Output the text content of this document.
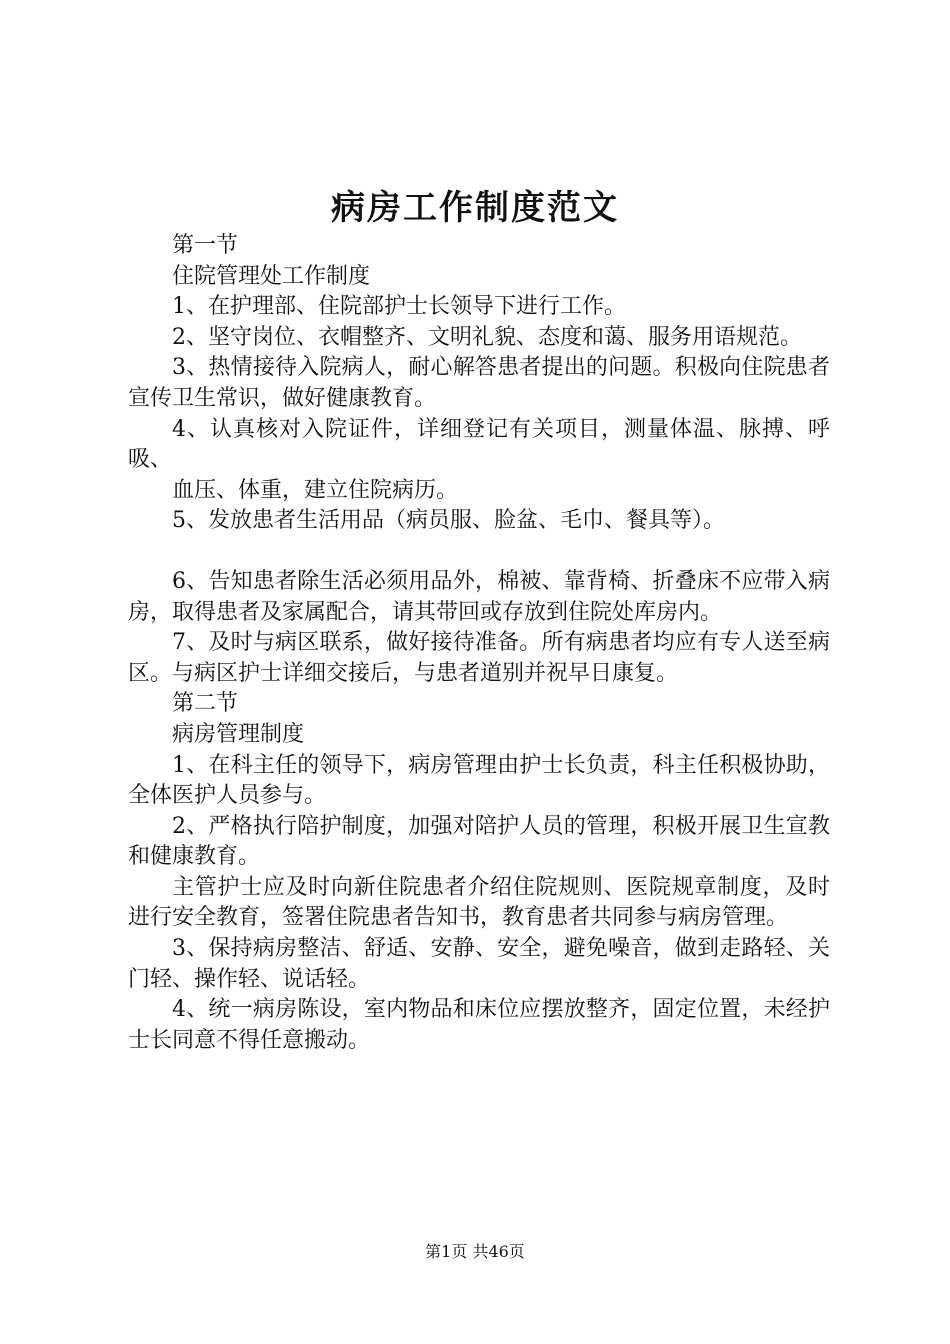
病房工作制度范文

第一节

住院管理处工作制度

1、在护理部、住院部护士长领导下进行工作。

2、坚守岗位、衣帽整齐、文明礼貌、态度和蔼、服务用语规范。

3、热情接待入院病人，耐心解答患者提出的问题。积极向住院患者宣传卫生常识，做好健康教育。

4、认真核对入院证件，详细登记有关项目，测量体温、脉搏、呼吸、

血压、体重，建立住院病历。

5、发放患者生活用品（病员服、脸盆、毛巾、餐具等）。

6、告知患者除生活必须用品外，棉被、靠背椅、折叠床不应带入病房，取得患者及家属配合，请其带回或存放到住院处库房内。

7、及时与病区联系，做好接待准备。所有病患者均应有专人送至病区。与病区护士详细交接后，与患者道别并祝早日康复。

第二节

病房管理制度

1、在科主任的领导下，病房管理由护士长负责，科主任积极协助，全体医护人员参与。

2、严格执行陪护制度，加强对陪护人员的管理，积极开展卫生宣教和健康教育。

主管护士应及时向新住院患者介绍住院规则、医院规章制度，及时进行安全教育，签署住院患者告知书，教育患者共同参与病房管理。

3、保持病房整洁、舒适、安静、安全，避免噪音，做到走路轻、关门轻、操作轻、说话轻。

4、统一病房陈设，室内物品和床位应摆放整齐，固定位置，未经护士长同意不得任意搬动。

第1页 共46页
